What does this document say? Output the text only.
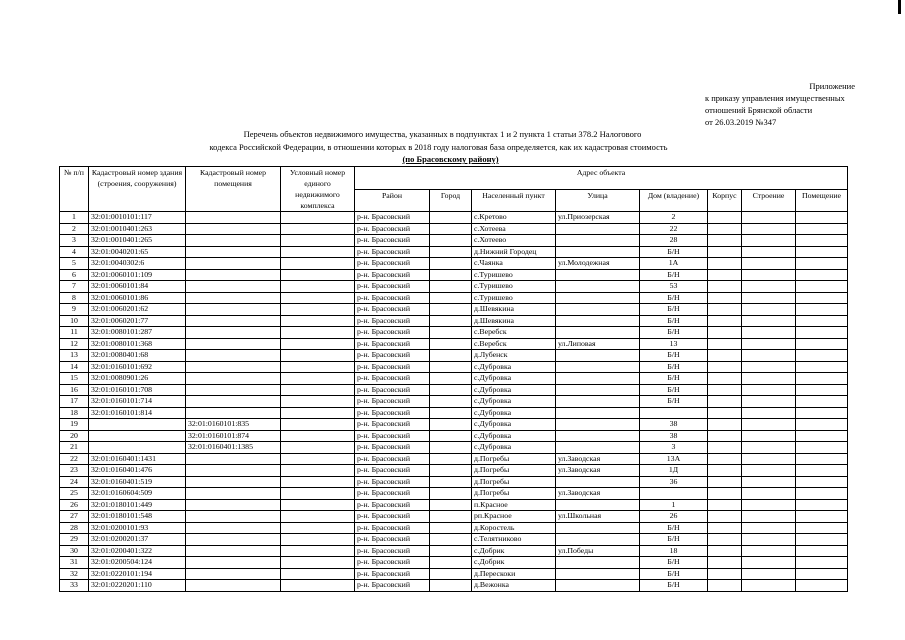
Приложение
к приказу управления имущественных
отношений Брянской области
от 26.03.2019 №347
Перечень объектов недвижимого имущества, указанных в подпунктах 1 и 2 пункта 1 статьи 378.2 Налогового
кодекса Российской Федерации, в отношении которых в 2018 году налоговая база определяется, как их кадастровая стоимость
(по Брасовскому району)
№ п/п	Кадастровый номер здания (строения, сооружения)	Кадастровый номер помещения	Условный номер единого недвижимого комплекса	Адрес объекта							
				Район	Город	Населенный пункт	Улица	Дом (владение)	Корпус	Строение	Помещение
1	32:01:0010101:117			р-н. Брасовский		с.Кретово	ул.Приозерская	2			
2	32:01:0010401:263			р-н. Брасовский		с.Хотеева		22			
3	32:01:0010401:265			р-н. Брасовский		с.Хотеево		28			
4	32:01:0040201:65			р-н. Брасовский		д.Нижний Городец		Б/Н			
5	32:01:0040302:6			р-н. Брасовский		с.Чаянка	ул.Молодежная	1А			
6	32:01:0060101:109			р-н. Брасовский		с.Туришево		Б/Н			
7	32:01:0060101:84			р-н. Брасовский		с.Туришево		53			
8	32:01:0060101:86			р-н. Брасовский		с.Туришево		Б/Н			
9	32:01:0060201:62			р-н. Брасовский		д.Шевякина		Б/Н			
10	32:01:0060201:77			р-н. Брасовский		д.Шевякина		Б/Н			
11	32:01:0080101:287			р-н. Брасовский		с.Веребск		Б/Н			
12	32:01:0080101:368			р-н. Брасовский		с.Веребск	ул.Липовая	13			
13	32:01:0080401:68			р-н. Брасовский		д.Лубенск		Б/Н			
14	32:01:0160101:692			р-н. Брасовский		с.Дубровка		Б/Н			
15	32:01:0080901:26			р-н. Брасовский		с.Дубровка		Б/Н			
16	32:01:0160101:708			р-н. Брасовский		с.Дубровка		Б/Н			
17	32:01:0160101:714			р-н. Брасовский		с.Дубровка		Б/Н			
18	32:01:0160101:814			р-н. Брасовский		с.Дубровка					
19		32:01:0160101:835		р-н. Брасовский		с.Дубровка		38			
20		32:01:0160101:874		р-н. Брасовский		с.Дубровка		38			
21		32:01:0160401:1385		р-н. Брасовский		с.Дубровка		3			
22	32:01:0160401:1431			р-н. Брасовский		д.Погребы	ул.Заводская	13А			
23	32:01:0160401:476			р-н. Брасовский		д.Погребы	ул.Заводская	1Д			
24	32:01:0160401:519			р-н. Брасовский		д.Погребы		36			
25	32:01:0160604:509			р-н. Брасовский		д.Погребы	ул.Заводская				
26	32:01:0180101:449			р-н. Брасовский		п.Красное		1			
27	32:01:0180101:548			р-н. Брасовский		рп.Красное	ул.Школьная	26			
28	32:01:0200101:93			р-н. Брасовский		д.Коростель		Б/Н			
29	32:01:0200201:37			р-н. Брасовский		с.Телятниково		Б/Н			
30	32:01:0200401:322			р-н. Брасовский		с.Добрик	ул.Победы	18			
31	32:01:0200504:124			р-н. Брасовский		с.Добрик		Б/Н			
32	32:01:0220101:194			р-н. Брасовский		д.Перескоки		Б/Н			
33	32:01:0220201:110			р-н. Брасовский		д.Вежонка		Б/Н			
